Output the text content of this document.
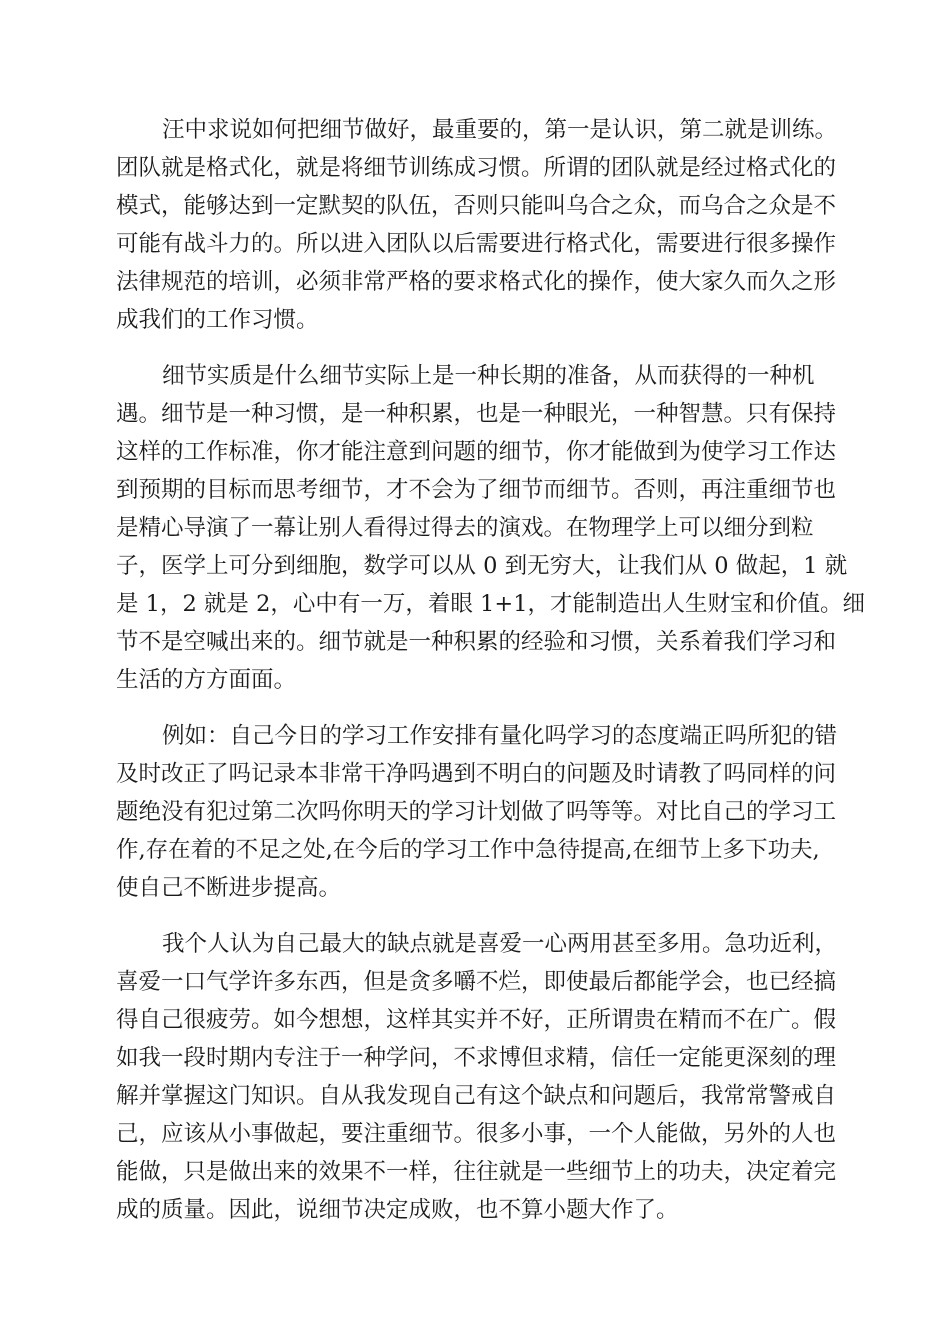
汪中求说如何把细节做好，最重要的，第一是认识，第二就是训练。
团队就是格式化，就是将细节训练成习惯。所谓的团队就是经过格式化的
模式，能够达到一定默契的队伍，否则只能叫乌合之众，而乌合之众是不
可能有战斗力的。所以进入团队以后需要进行格式化，需要进行很多操作
法律规范的培训，必须非常严格的要求格式化的操作，使大家久而久之形
成我们的工作习惯。
细节实质是什么细节实际上是一种长期的准备，从而获得的一种机
遇。细节是一种习惯，是一种积累，也是一种眼光，一种智慧。只有保持
这样的工作标准，你才能注意到问题的细节，你才能做到为使学习工作达
到预期的目标而思考细节，才不会为了细节而细节。否则，再注重细节也
是精心导演了一幕让别人看得过得去的演戏。在物理学上可以细分到粒
子，医学上可分到细胞，数学可以从 0 到无穷大，让我们从 0 做起，1 就
是 1，2 就是 2，心中有一万，着眼 1+1，才能制造出人生财宝和价值。细
节不是空喊出来的。细节就是一种积累的经验和习惯，关系着我们学习和
生活的方方面面。
例如：自己今日的学习工作安排有量化吗学习的态度端正吗所犯的错
及时改正了吗记录本非常干净吗遇到不明白的问题及时请教了吗同样的问
题绝没有犯过第二次吗你明天的学习计划做了吗等等。对比自己的学习工
作,存在着的不足之处,在今后的学习工作中急待提高,在细节上多下功夫,
使自己不断进步提高。
我个人认为自己最大的缺点就是喜爱一心两用甚至多用。急功近利，
喜爱一口气学许多东西，但是贪多嚼不烂，即使最后都能学会，也已经搞
得自己很疲劳。如今想想，这样其实并不好，正所谓贵在精而不在广。假
如我一段时期内专注于一种学问，不求博但求精，信任一定能更深刻的理
解并掌握这门知识。自从我发现自己有这个缺点和问题后，我常常警戒自
己，应该从小事做起，要注重细节。很多小事，一个人能做，另外的人也
能做，只是做出来的效果不一样，往往就是一些细节上的功夫，决定着完
成的质量。因此，说细节决定成败，也不算小题大作了。
